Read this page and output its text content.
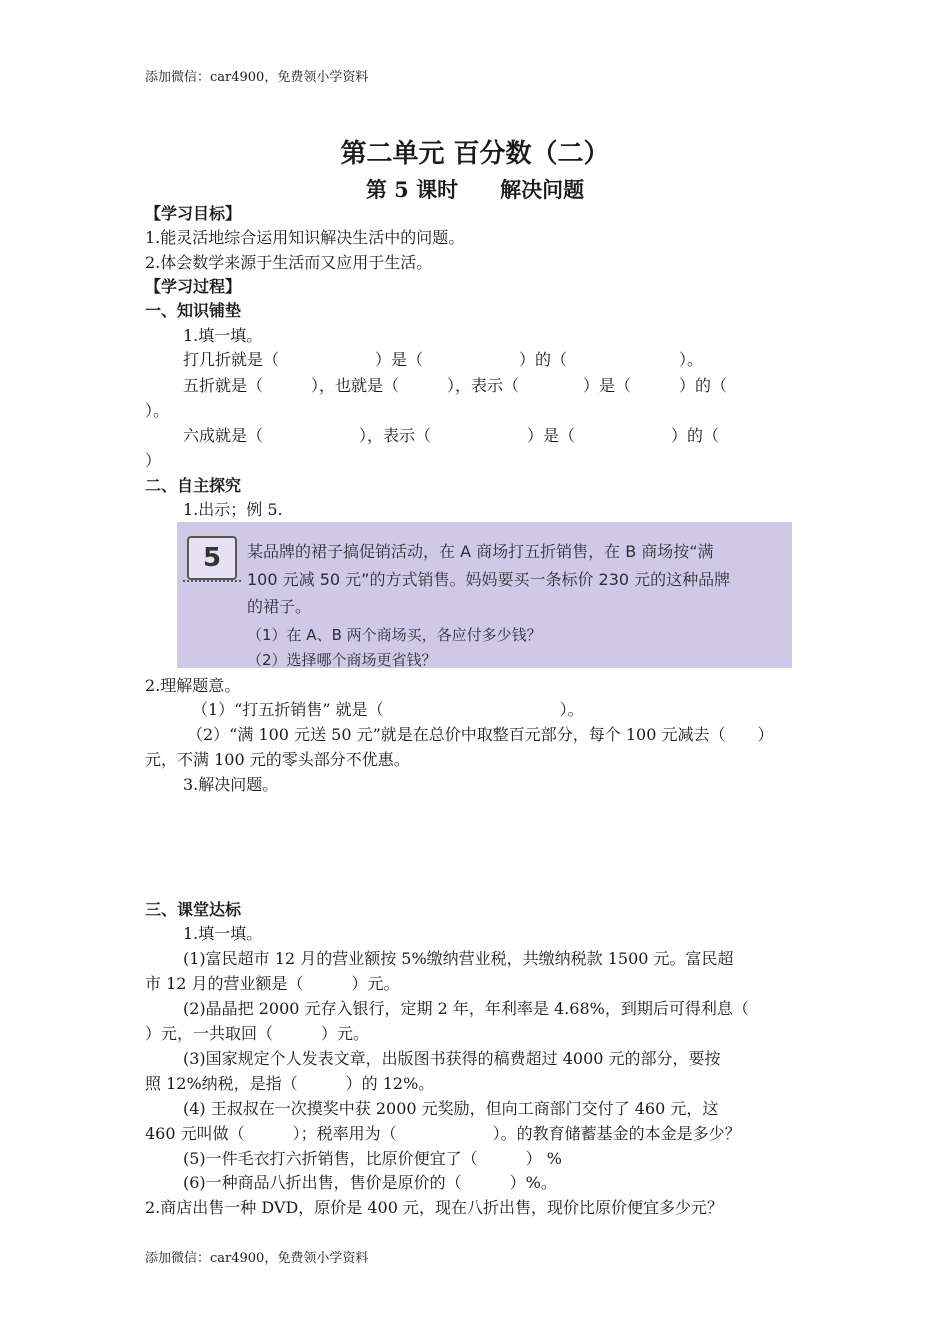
添加微信：car4900，免费领小学资料
第二单元 百分数（二）
第 5 课时　　解决问题
【学习目标】
1.能灵活地综合运用知识解决生活中的问题。
2.体会数学来源于生活而又应用于生活。
【学习过程】
一、知识铺垫
1.填一填。
打几折就是（　　　　　　）是（　　　　　　）的（　　　　　　　）。
五折就是（　　　），也就是（　　　），表示（　　　　）是（　　　）的（
）。
六成就是（　　　　　　），表示（　　　　　　）是（　　　　　　）的（
）
二、自主探究
1.出示；例 5.
5	某品牌的裙子搞促销活动，在 A 商场打五折销售，在 B 商场按“满
100 元减 50 元”的方式销售。妈妈要买一条标价 230 元的这种品牌
的裙子。
（1）在 A、B 两个商场买，各应付多少钱？
（2）选择哪个商场更省钱？
2.理解题意。
（1）“打五折销售” 就是（　　　　　　　　　　　）。
（2）“满 100 元送 50 元”就是在总价中取整百元部分，每个 100 元减去（　　）
元，不满 100 元的零头部分不优惠。
3.解决问题。
三、课堂达标
1.填一填。
(1)富民超市 12 月的营业额按 5%缴纳营业税，共缴纳税款 1500 元。富民超
市 12 月的营业额是（　　　）元。
(2)晶晶把 2000 元存入银行，定期 2 年，年利率是 4.68%，到期后可得利息（
）元，一共取回（　　　）元。
(3)国家规定个人发表文章，出版图书获得的稿费超过 4000 元的部分，要按
照 12%纳税，是指（　　　）的 12%。
(4) 王叔叔在一次摸奖中获 2000 元奖励，但向工商部门交付了 460 元，这
460 元叫做（　　　）；税率用为（　　　　　　）。的教育储蓄基金的本金是多少？
(5)一件毛衣打六折销售，比原价便宜了（　　　） %
(6)一种商品八折出售，售价是原价的（　　　）%。
2.商店出售一种 DVD，原价是 400 元，现在八折出售，现价比原价便宜多少元？
添加微信：car4900，免费领小学资料
